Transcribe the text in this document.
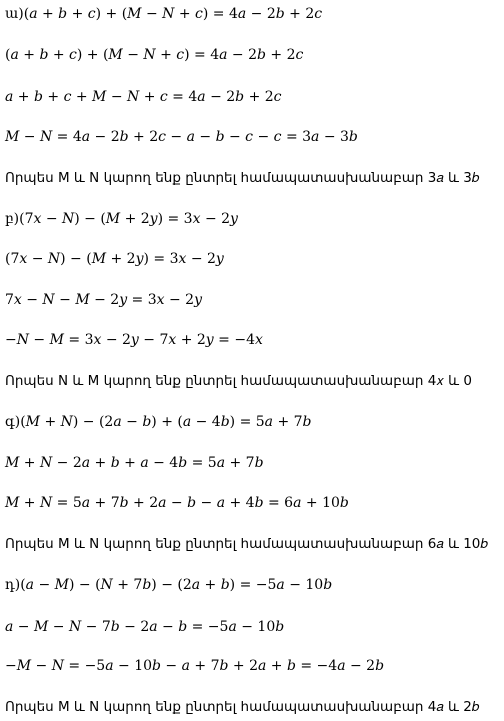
ա)(𝑎 + 𝑏 + 𝑐) + (𝑀 − 𝑁 + 𝑐) = 4𝑎 − 2𝑏 + 2𝑐
(𝑎 + 𝑏 + 𝑐) + (𝑀 − 𝑁 + 𝑐) = 4𝑎 − 2𝑏 + 2𝑐
𝑎 + 𝑏 + 𝑐 + 𝑀 − 𝑁 + 𝑐 = 4𝑎 − 2𝑏 + 2𝑐
𝑀 − 𝑁 = 4𝑎 − 2𝑏 + 2𝑐 − 𝑎 − 𝑏 − 𝑐 − 𝑐 = 3𝑎 − 3𝑏
Որպես M և N կարող ենք ընտրել համապատասխանաբար 3𝑎 և 3𝑏
բ)(7𝑥 − 𝑁) − (𝑀 + 2𝑦) = 3𝑥 − 2𝑦
(7𝑥 − 𝑁) − (𝑀 + 2𝑦) = 3𝑥 − 2𝑦
7𝑥 − 𝑁 − 𝑀 − 2𝑦 = 3𝑥 − 2𝑦
−𝑁 − 𝑀 = 3𝑥 − 2𝑦 − 7𝑥 + 2𝑦 = −4𝑥
Որպես N և M կարող ենք ընտրել համապատասխանաբար 4𝑥 և 0
գ)(𝑀 + 𝑁) − (2𝑎 − 𝑏) + (𝑎 − 4𝑏) = 5𝑎 + 7𝑏
𝑀 + 𝑁 − 2𝑎 + 𝑏 + 𝑎 − 4𝑏 = 5𝑎 + 7𝑏
𝑀 + 𝑁 = 5𝑎 + 7𝑏 + 2𝑎 − 𝑏 − 𝑎 + 4𝑏 = 6𝑎 + 10𝑏
Որպես M և N կարող ենք ընտրել համապատասխանաբար 6𝑎 և 10𝑏
դ)(𝑎 − 𝑀) − (𝑁 + 7𝑏) − (2𝑎 + 𝑏) = −5𝑎 − 10𝑏
𝑎 − 𝑀 − 𝑁 − 7𝑏 − 2𝑎 − 𝑏 = −5𝑎 − 10𝑏
−𝑀 − 𝑁 = −5𝑎 − 10𝑏 − 𝑎 + 7𝑏 + 2𝑎 + 𝑏 = −4𝑎 − 2𝑏
Որպես M և N կարող ենք ընտրել համապատասխանաբար 4𝑎 և 2𝑏
